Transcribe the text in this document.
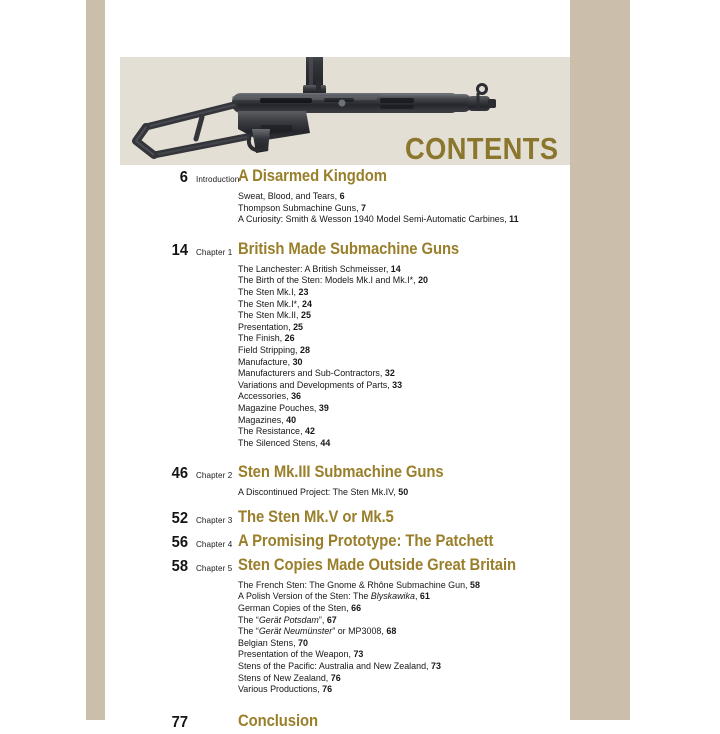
CONTENTS
6 Introduction
A Disarmed Kingdom
Sweat, Blood, and Tears, 6
Thompson Submachine Guns, 7
A Curiosity: Smith & Wesson 1940 Model Semi-Automatic Carbines, 11
14 Chapter 1 British Made Submachine Guns
The Lanchester: A British Schmeisser, 14
The Birth of the Sten: Models Mk.I and Mk.I*, 20
The Sten Mk.I, 23
The Sten Mk.I*, 24
The Sten Mk.II, 25
Presentation, 25
The Finish, 26
Field Stripping, 28
Manufacture, 30
Manufacturers and Sub-Contractors, 32
Variations and Developments of Parts, 33
Accessories, 36
Magazine Pouches, 39
Magazines, 40
The Resistance, 42
The Silenced Stens, 44
46 Chapter 2 Sten Mk.III Submachine Guns
A Discontinued Project: The Sten Mk.IV, 50
52 Chapter 3 The Sten Mk.V or Mk.5
56 Chapter 4 A Promising Prototype: The Patchett
58 Chapter 5 Sten Copies Made Outside Great Britain
The French Sten: The Gnome & Rhône Submachine Gun, 58
A Polish Version of the Sten: The Blyskawika, 61
German Copies of the Sten, 66
The “Gerät Potsdam”, 67
The “Gerät Neumünster” or MP3008, 68
Belgian Stens, 70
Presentation of the Weapon, 73
Stens of the Pacific: Australia and New Zealand, 73
Stens of New Zealand, 76
Various Productions, 76
77	Conclusion
